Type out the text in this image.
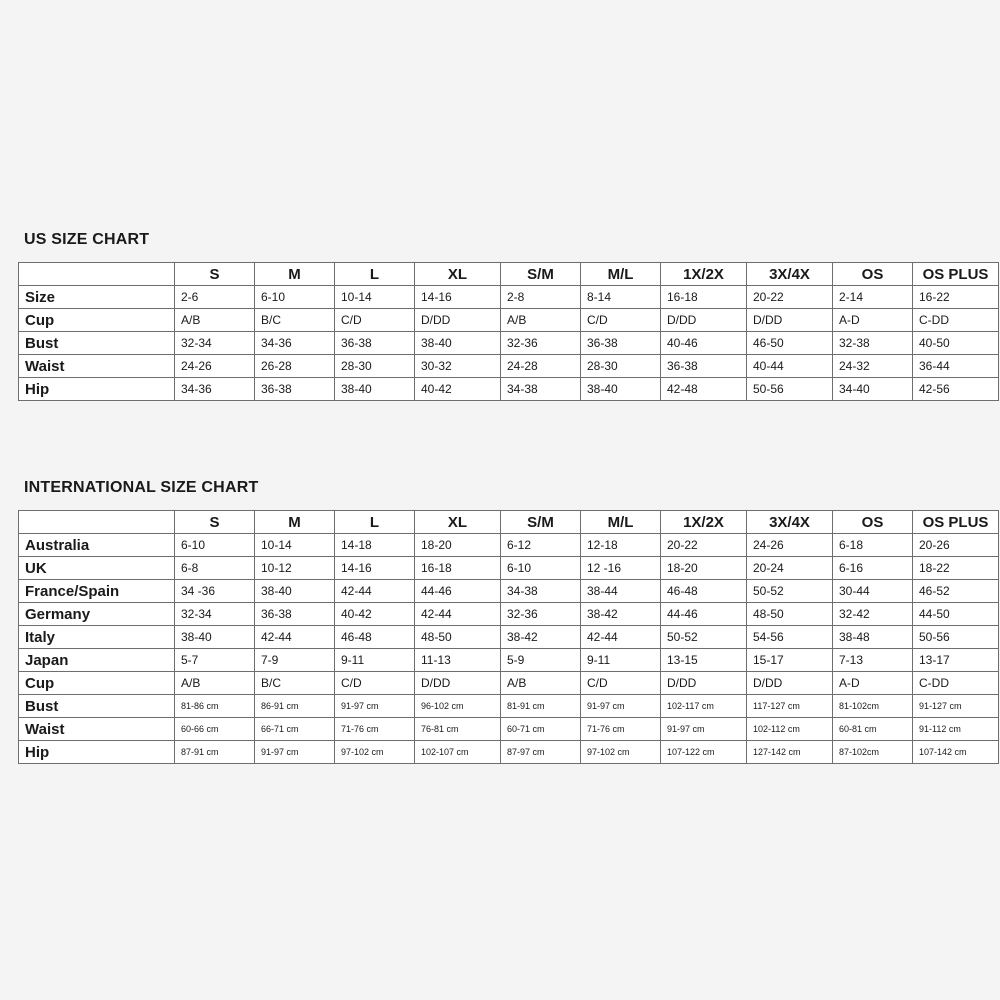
US SIZE CHART
	S	M	L	XL	S/M	M/L	1X/2X	3X/4X	OS	OS PLUS
Size	2-6	6-10	10-14	14-16	2-8	8-14	16-18	20-22	2-14	16-22
Cup	A/B	B/C	C/D	D/DD	A/B	C/D	D/DD	D/DD	A-D	C-DD
Bust	32-34	34-36	36-38	38-40	32-36	36-38	40-46	46-50	32-38	40-50
Waist	24-26	26-28	28-30	30-32	24-28	28-30	36-38	40-44	24-32	36-44
Hip	34-36	36-38	38-40	40-42	34-38	38-40	42-48	50-56	34-40	42-56
INTERNATIONAL SIZE CHART
	S	M	L	XL	S/M	M/L	1X/2X	3X/4X	OS	OS PLUS
Australia	6-10	10-14	14-18	18-20	6-12	12-18	20-22	24-26	6-18	20-26
UK	6-8	10-12	14-16	16-18	6-10	12 -16	18-20	20-24	6-16	18-22
France/Spain	34 -36	38-40	42-44	44-46	34-38	38-44	46-48	50-52	30-44	46-52
Germany	32-34	36-38	40-42	42-44	32-36	38-42	44-46	48-50	32-42	44-50
Italy	38-40	42-44	46-48	48-50	38-42	42-44	50-52	54-56	38-48	50-56
Japan	5-7	7-9	9-11	11-13	5-9	9-11	13-15	15-17	7-13	13-17
Cup	A/B	B/C	C/D	D/DD	A/B	C/D	D/DD	D/DD	A-D	C-DD
Bust	81-86 cm	86-91 cm	91-97 cm	96-102 cm	81-91 cm	91-97 cm	102-117 cm	117-127 cm	81-102cm	91-127 cm
Waist	60-66 cm	66-71 cm	71-76 cm	76-81 cm	60-71 cm	71-76 cm	91-97 cm	102-112 cm	60-81 cm	91-112 cm
Hip	87-91 cm	91-97 cm	97-102 cm	102-107 cm	87-97 cm	97-102 cm	107-122 cm	127-142 cm	87-102cm	107-142 cm
